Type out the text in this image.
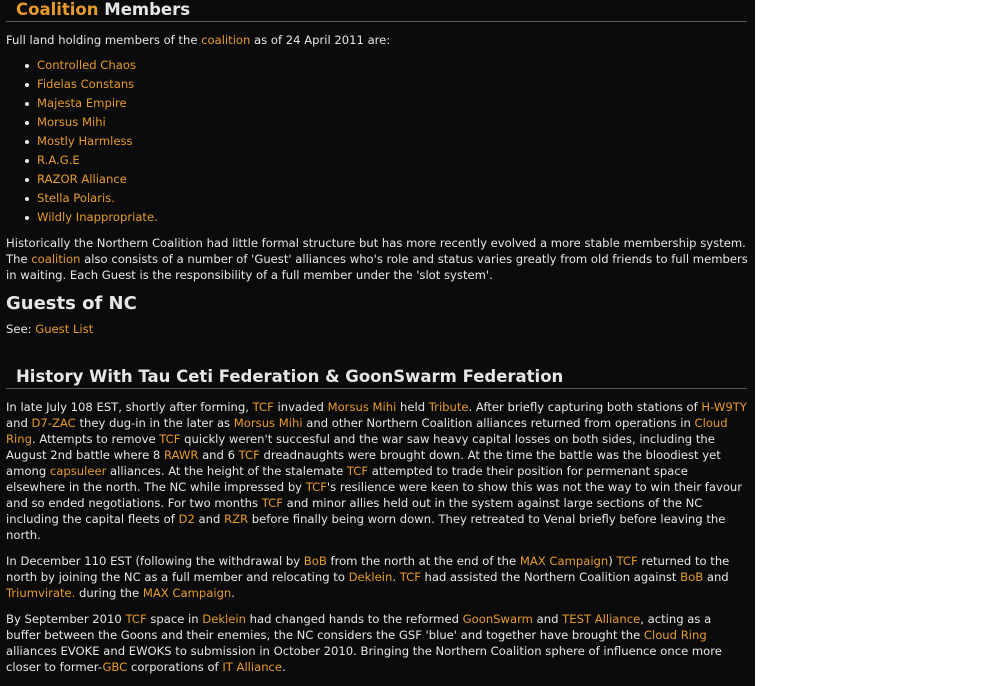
Coalition Members

Full land holding members of the coalition as of 24 April 2011 are:

Controlled Chaos
Fidelas Constans
Majesta Empire
Morsus Mihi
Mostly Harmless
R.A.G.E
RAZOR Alliance
Stella Polaris.
Wildly Inappropriate.

Historically the Northern Coalition had little formal structure but has more recently evolved a more stable membership system. The coalition also consists of a number of 'Guest' alliances who's role and status varies greatly from old friends to full members in waiting. Each Guest is the responsibility of a full member under the 'slot system'.

Guests of NC

See: Guest List

History With Tau Ceti Federation & GoonSwarm Federation

In late July 108 EST, shortly after forming, TCF invaded Morsus Mihi held Tribute. After briefly capturing both stations of H-W9TY and D7-ZAC they dug-in in the later as Morsus Mihi and other Northern Coalition alliances returned from operations in Cloud Ring. Attempts to remove TCF quickly weren't succesful and the war saw heavy capital losses on both sides, including the August 2nd battle where 8 RAWR and 6 TCF dreadnaughts were brought down. At the time the battle was the bloodiest yet among capsuleer alliances. At the height of the stalemate TCF attempted to trade their position for permenant space elsewhere in the north. The NC while impressed by TCF's resilience were keen to show this was not the way to win their favour and so ended negotiations. For two months TCF and minor allies held out in the system against large sections of the NC including the capital fleets of D2 and RZR before finally being worn down. They retreated to Venal briefly before leaving the north.

In December 110 EST (following the withdrawal by BoB from the north at the end of the MAX Campaign) TCF returned to the north by joining the NC as a full member and relocating to Deklein. TCF had assisted the Northern Coalition against BoB and Triumvirate. during the MAX Campaign.

By September 2010 TCF space in Deklein had changed hands to the reformed GoonSwarm and TEST Alliance, acting as a buffer between the Goons and their enemies, the NC considers the GSF 'blue' and together have brought the Cloud Ring alliances EVOKE and EWOKS to submission in October 2010. Bringing the Northern Coalition sphere of influence once more closer to former-GBC corporations of IT Alliance.
